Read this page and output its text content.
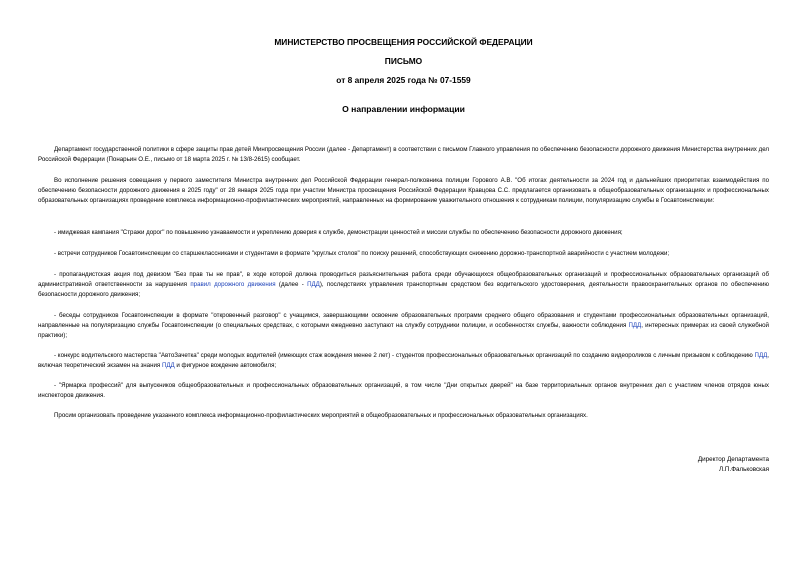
МИНИСТЕРСТВО ПРОСВЕЩЕНИЯ РОССИЙСКОЙ ФЕДЕРАЦИИ
ПИСЬМО
от 8 апреля 2025 года № 07-1559
О направлении информации

Департамент государственной политики в сфере защиты прав детей Минпросвещения России (далее - Департамент) в соответствии с письмом Главного управления по обеспечению безопасности дорожного движения Министерства внутренних дел Российской Федерации (Понарьин О.Е., письмо от 18 марта 2025 г. № 13/8-2615) сообщает.

Во исполнение решения совещания у первого заместителя Министра внутренних дел Российской Федерации генерал-полковника полиции Горового А.В. "Об итогах деятельности за 2024 год и дальнейших приоритетах взаимодействия по обеспечению безопасности дорожного движения в 2025 году" от 28 января 2025 года при участии Министра просвещения Российской Федерации Кравцова С.С. предлагается организовать в общеобразовательных организациях и профессиональных образовательных организациях проведение комплекса информационно-профилактических мероприятий, направленных на формирование уважительного отношения к сотрудникам полиции, популяризацию службы в Госавтоинспекции:

- имиджевая кампания "Стражи дорог" по повышению узнаваемости и укреплению доверия к службе, демонстрации ценностей и миссии службы по обеспечению безопасности дорожного движения;

- встречи сотрудников Госавтоинспекции со старшеклассниками и студентами в формате "круглых столов" по поиску решений, способствующих снижению дорожно-транспортной аварийности с участием молодежи;

- пропагандистская акция под девизом "Без прав ты не прав", в ходе которой должна проводиться разъяснительная работа среди обучающихся общеобразовательных организаций и профессиональных образовательных организаций об административной ответственности за нарушения правил дорожного движения (далее - ПДД), последствиях управления транспортным средством без водительского удостоверения, деятельности правоохранительных органов по обеспечению безопасности дорожного движения;

- беседы сотрудников Госавтоинспекции в формате "откровенный разговор" с учащимся, завершающими освоение образовательных программ среднего общего образования и студентами профессиональных образовательных организаций, направленные на популяризацию службы Госавтоинспекции (о специальных средствах, с которыми ежедневно заступают на службу сотрудники полиции, и особенностях службы, важности соблюдения ПДД, интересных примерах из своей служебной практики);

- конкурс водительского мастерства "АвтоЗачетка" среди молодых водителей (имеющих стаж вождения менее 2 лет) - студентов профессиональных образовательных организаций по созданию видеороликов с личным призывом к соблюдению ПДД, включая теоретический экзамен на знания ПДД и фигурное вождение автомобиля;

- "Ярмарка профессий" для выпускников общеобразовательных и профессиональных образовательных организаций, в том числе "Дни открытых дверей" на базе территориальных органов внутренних дел с участием членов отрядов юных инспекторов движения.

Просим организовать проведение указанного комплекса информационно-профилактических мероприятий в общеобразовательных и профессиональных образовательных организациях.

Директор Департамента
Л.П.Фальковская
